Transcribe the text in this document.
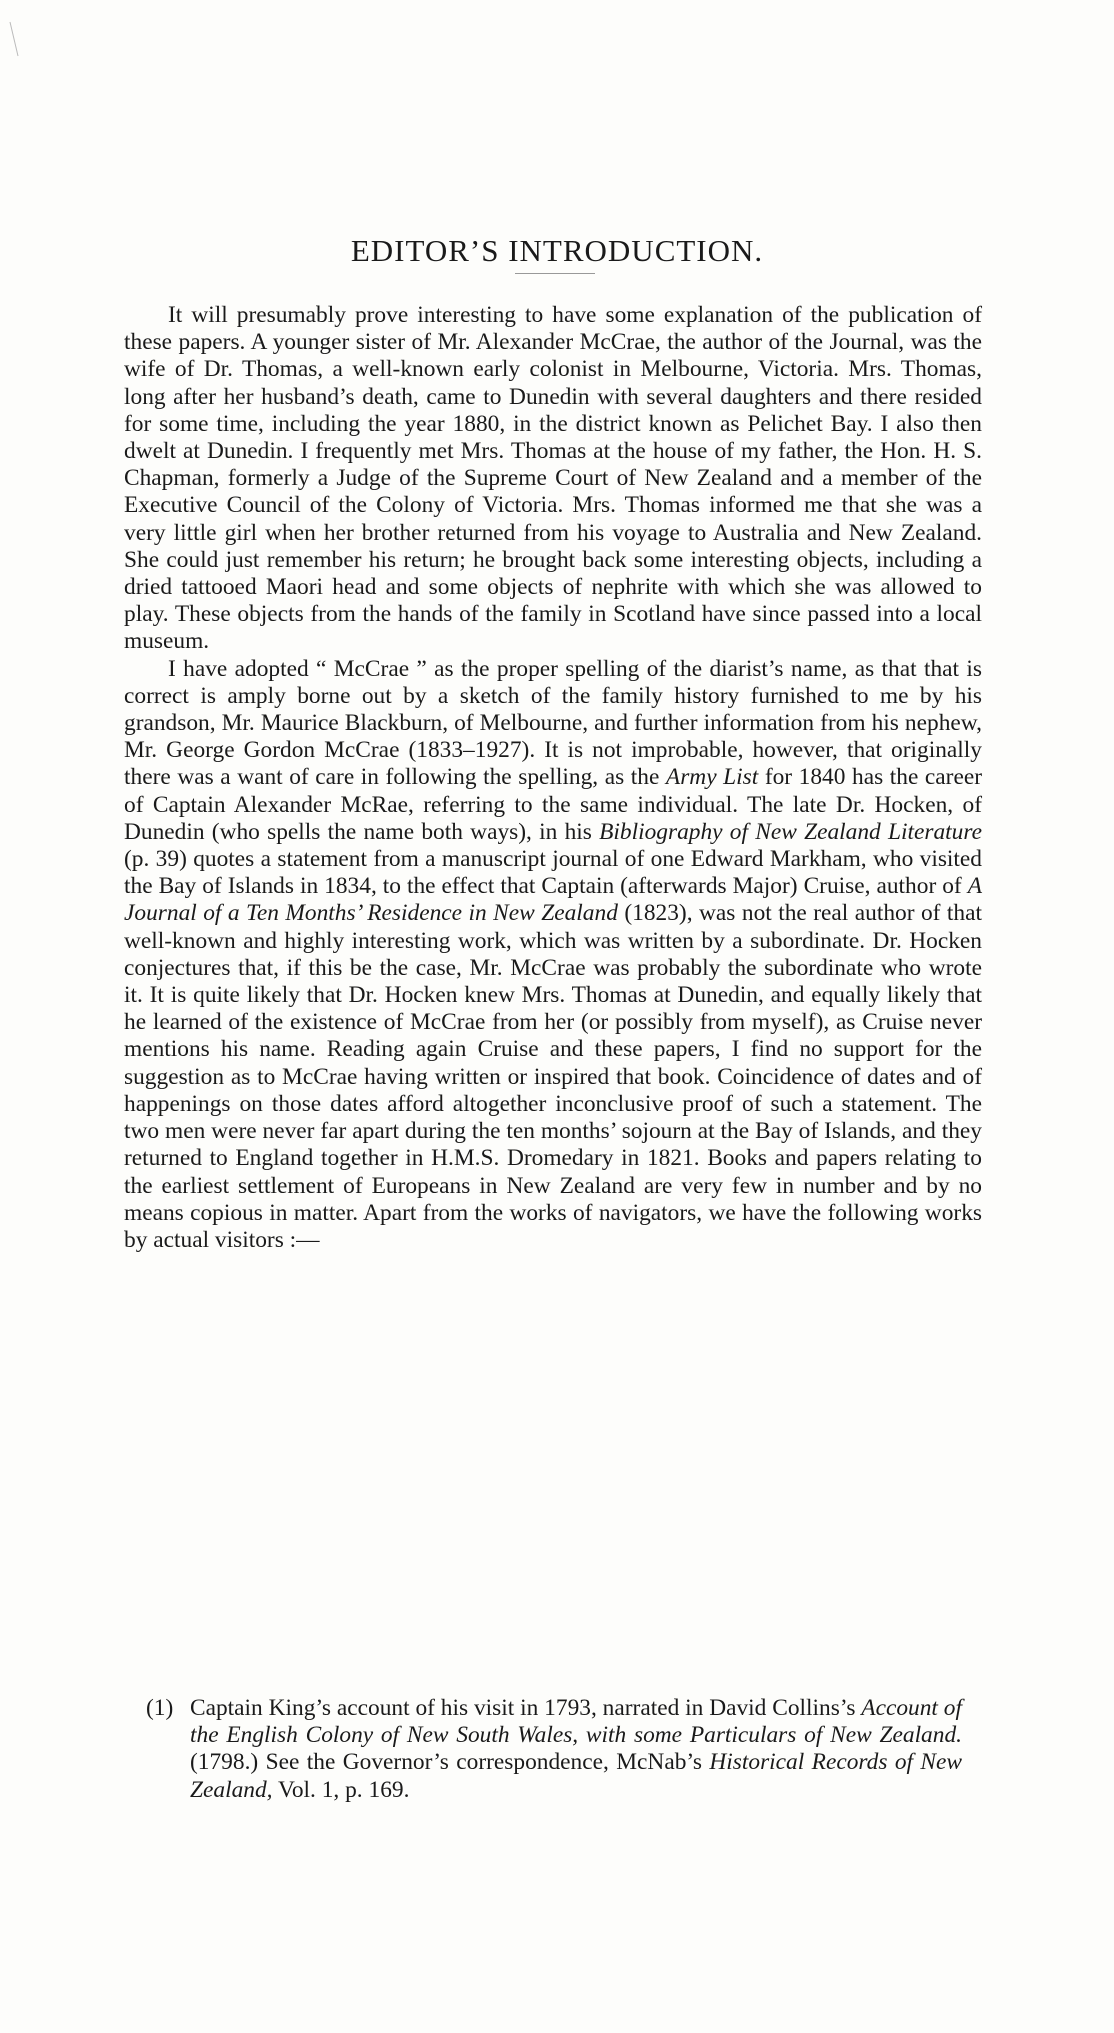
EDITOR’S INTRODUCTION.

It will presumably prove interesting to have some explanation of the publication of these papers. A younger sister of Mr. Alexander McCrae, the author of the Journal, was the wife of Dr. Thomas, a well-known early colonist in Melbourne, Victoria. Mrs. Thomas, long after her husband’s death, came to Dunedin with several daughters and there resided for some time, including the year 1880, in the district known as Pelichet Bay. I also then dwelt at Dunedin. I frequently met Mrs. Thomas at the house of my father, the Hon. H. S. Chapman, formerly a Judge of the Supreme Court of New Zealand and a member of the Executive Council of the Colony of Victoria. Mrs. Thomas informed me that she was a very little girl when her brother returned from his voyage to Australia and New Zealand. She could just remember his return; he brought back some interesting objects, including a dried tattooed Maori head and some objects of nephrite with which she was allowed to play. These objects from the hands of the family in Scotland have since passed into a local museum.

I have adopted “ McCrae ” as the proper spelling of the diarist’s name, as that that is correct is amply borne out by a sketch of the family history furnished to me by his grandson, Mr. Maurice Blackburn, of Melbourne, and further information from his nephew, Mr. George Gordon McCrae (1833–1927). It is not improbable, however, that originally there was a want of care in following the spelling, as the Army List for 1840 has the career of Captain Alexander McRae, referring to the same individual. The late Dr. Hocken, of Dunedin (who spells the name both ways), in his Bibliography of New Zealand Literature (p. 39) quotes a statement from a manuscript journal of one Edward Markham, who visited the Bay of Islands in 1834, to the effect that Captain (afterwards Major) Cruise, author of A Journal of a Ten Months’ Residence in New Zealand (1823), was not the real author of that well-known and highly interesting work, which was written by a subordinate. Dr. Hocken conjectures that, if this be the case, Mr. McCrae was probably the subordinate who wrote it. It is quite likely that Dr. Hocken knew Mrs. Thomas at Dunedin, and equally likely that he learned of the existence of McCrae from her (or possibly from myself), as Cruise never mentions his name. Reading again Cruise and these papers, I find no support for the suggestion as to McCrae having written or inspired that book. Coincidence of dates and of happenings on those dates afford altogether inconclusive proof of such a statement. The two men were never far apart during the ten months’ sojourn at the Bay of Islands, and they returned to England together in H.M.S. Dromedary in 1821. Books and papers relating to the earliest settlement of Europeans in New Zealand are very few in number and by no means copious in matter. Apart from the works of navigators, we have the following works by actual visitors :—

(1) Captain King’s account of his visit in 1793, narrated in David Collins’s Account of the English Colony of New South Wales, with some Particulars of New Zealand. (1798.) See the Governor’s correspondence, McNab’s Historical Records of New Zealand, Vol. 1, p. 169.
